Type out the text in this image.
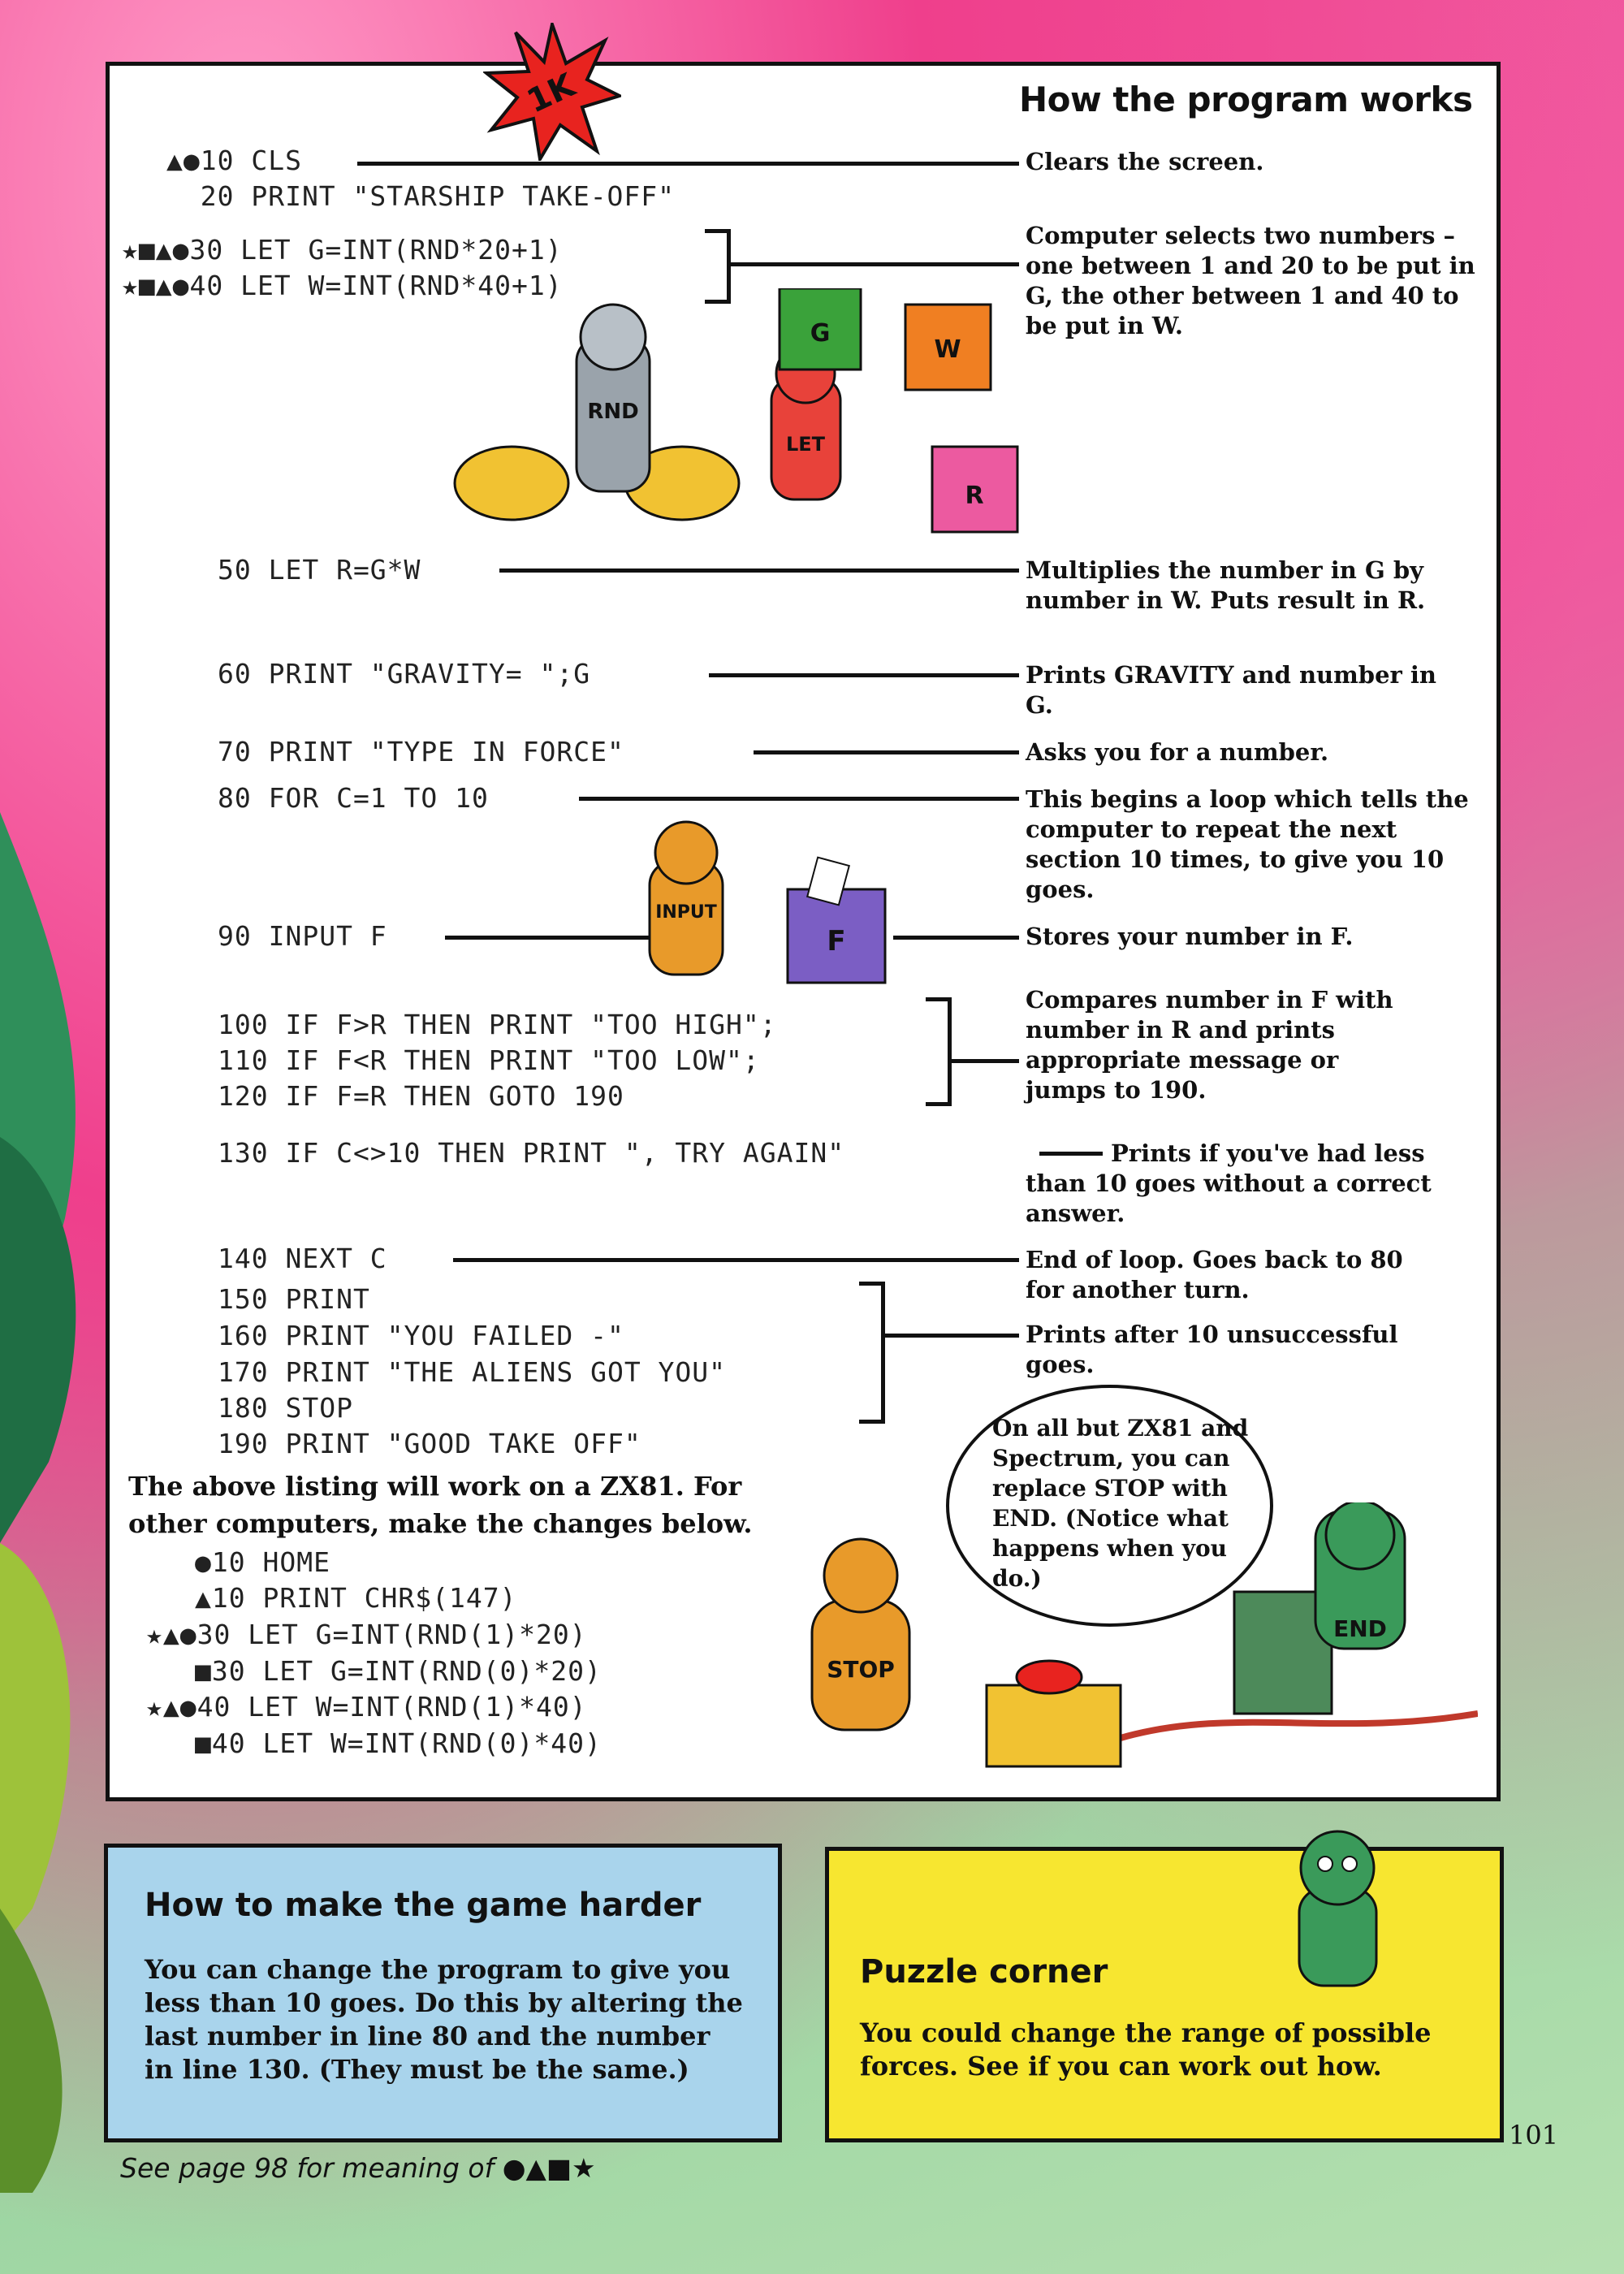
1K	How the program works
▲●10 CLS
20 PRINT "STARSHIP TAKE-OFF"
★■▲●30 LET G=INT(RND*20+1)
★■▲●40 LET W=INT(RND*40+1)
50 LET R=G*W
60 PRINT "GRAVITY= ";G
70 PRINT "TYPE IN FORCE"
80 FOR C=1 TO 10
90 INPUT F
100 IF F>R THEN PRINT "TOO HIGH";
110 IF F<R THEN PRINT "TOO LOW";
120 IF F=R THEN GOTO 190
130 IF C<>10 THEN PRINT ", TRY AGAIN"
140 NEXT C
150 PRINT
160 PRINT "YOU FAILED -"
170 PRINT "THE ALIENS GOT YOU"
180 STOP
190 PRINT "GOOD TAKE OFF"
Clears the screen.
Computer selects two numbers – one between 1 and 20 to be put in G, the other between 1 and 40 to be put in W.
Multiplies the number in G by number in W. Puts result in R.
Prints GRAVITY and number in G.
Asks you for a number.
This begins a loop which tells the computer to repeat the next section 10 times, to give you 10 goes.
Stores your number in F.
Compares number in F with number in R and prints appropriate message or jumps to 190.
Prints if you've had less than 10 goes without a correct answer.
End of loop. Goes back to 80 for another turn.
Prints after 10 unsuccessful goes.
The above listing will work on a ZX81. For other computers, make the changes below.
●10 HOME
▲10 PRINT CHR$(147)
★▲●30 LET G=INT(RND(1)*20)
■30 LET G=INT(RND(0)*20)
★▲●40 LET W=INT(RND(1)*40)
■40 LET W=INT(RND(0)*40)
RND
LET
G
W
R
INPUT
F
On all but ZX81 and Spectrum, you can replace STOP with END. (Notice what happens when you do.)
STOP
END
How to make the game harder

You can change the program to give you less than 10 goes. Do this by altering the last number in line 80 and the number in line 130. (They must be the same.)

Puzzle corner

You could change the range of possible forces. See if you can work out how.

101
See page 98 for meaning of ●▲■★
